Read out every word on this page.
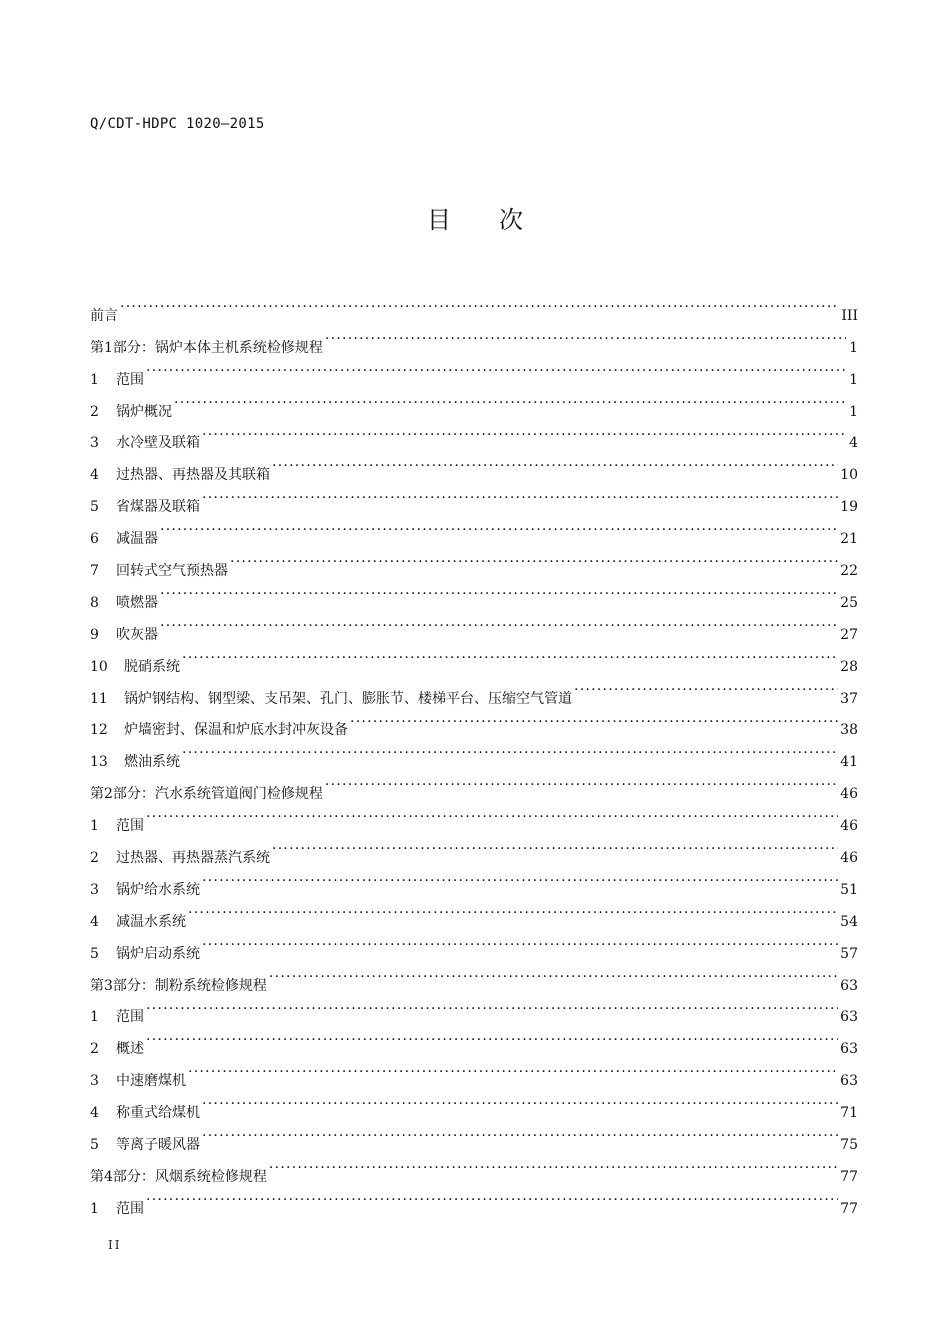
Q/CDT-HDPC 1020—2015
目次
前言 . . .	III
第1部分：锅炉本体主机系统检修规程 . . .	1
1	范围 . . .	1
2	锅炉概况 . . .	1
3	水冷壁及联箱 . . .	4
4	过热器、再热器及其联箱 . . .	10
5	省煤器及联箱 . . .	19
6	减温器 . . .	21
7	回转式空气预热器 . . .	22
8	喷燃器 . . .	25
9	吹灰器 . . .	27
10	脱硝系统 . . .	28
11	锅炉钢结构、钢型梁、支吊架、孔门、膨胀节、楼梯平台、压缩空气管道 . . .	37
12	炉墙密封、保温和炉底水封冲灰设备 . . .	38
13	燃油系统 . . .	41
第2部分：汽水系统管道阀门检修规程 . . .	46
1	范围 . . .	46
2	过热器、再热器蒸汽系统 . . .	46
3	锅炉给水系统 . . .	51
4	减温水系统 . . .	54
5	锅炉启动系统 . . .	57
第3部分：制粉系统检修规程 . . .	63
1	范围 . . .	63
2	概述 . . .	63
3	中速磨煤机 . . .	63
4	称重式给煤机 . . .	71
5	等离子暖风器 . . .	75
第4部分：风烟系统检修规程 . . .	77
1	范围 . . .	77
II
